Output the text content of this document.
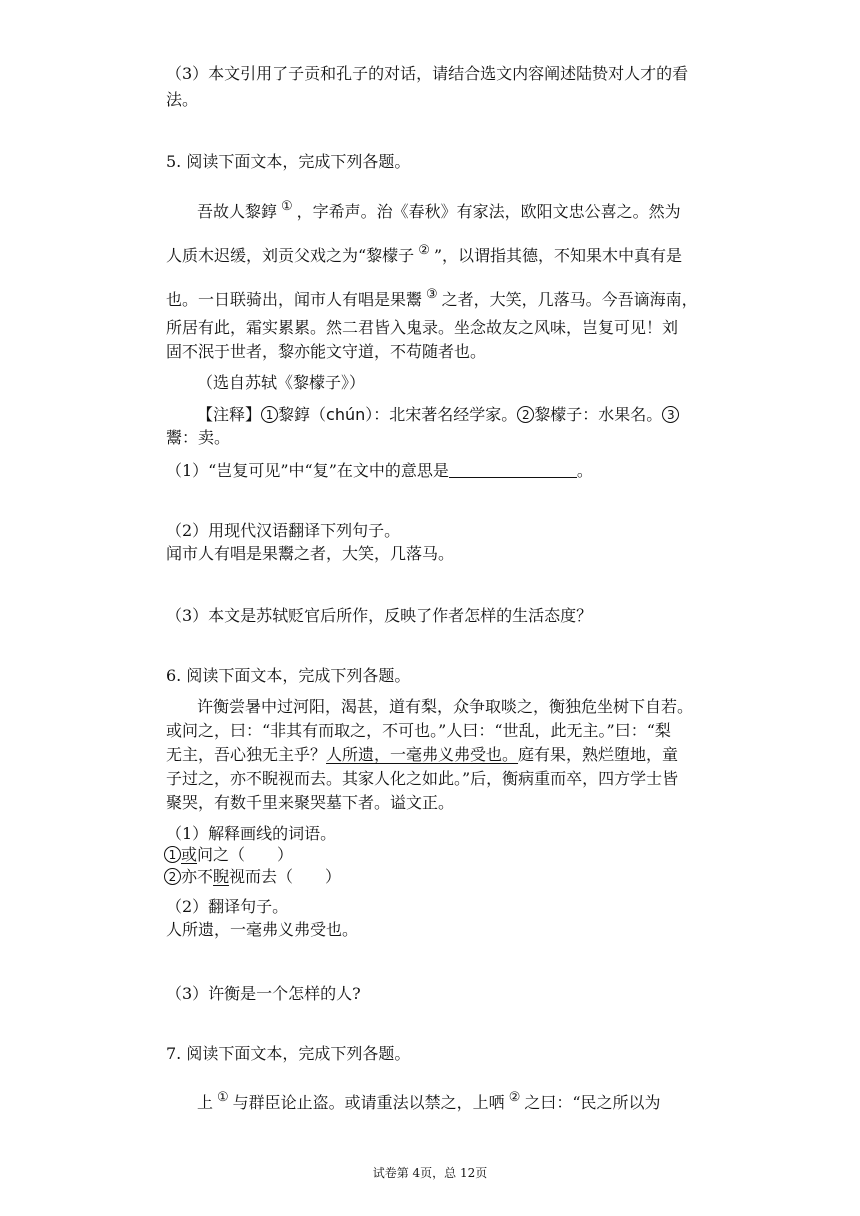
（3）本文引用了子贡和孔子的对话，请结合选文内容阐述陆贽对人才的看
法。
5. 阅读下面文本，完成下列各题。
吾故人黎錞 ① ，字希声。治《春秋》有家法，欧阳文忠公喜之。然为
人质木迟缓，刘贡父戏之为“黎檬子 ② ”，以谓指其德，不知果木中真有是
也。一日联骑出，闻市人有唱是果鬻 ③ 之者，大笑，几落马。今吾谪海南，
所居有此，霜实累累。然二君皆入鬼录。坐念故友之风味，岂复可见！刘
固不泯于世者，黎亦能文守道，不苟随者也。
（选自苏轼《黎檬子》）
【注释】 1 黎錞（chún）：北宋著名经学家。 2 黎檬子：水果名。 3
鬻：卖。
（1）“岂复可见”中“复”在文中的意思是	。
（2）用现代汉语翻译下列句子。
闻市人有唱是果鬻之者，大笑，几落马。
（3）本文是苏轼贬官后所作，反映了作者怎样的生活态度？
6. 阅读下面文本，完成下列各题。
许衡尝暑中过河阳，渴甚，道有梨，众争取啖之，衡独危坐树下自若。
或问之，曰：“非其有而取之，不可也。”人曰：“世乱，此无主。”曰：“梨
无主，吾心独无主乎？人所遗，一毫弗义弗受也。庭有果，熟烂堕地，童
子过之，亦不睨视而去。其家人化之如此。”后，衡病重而卒，四方学士皆
聚哭，有数千里来聚哭墓下者。谥文正。
（1）解释画线的词语。
1 或问之（　　）
2 亦不睨视而去（　　）
（2）翻译句子。
人所遗，一毫弗义弗受也。
（3）许衡是一个怎样的人?
7. 阅读下面文本，完成下列各题。
上 ① 与群臣论止盗。或请重法以禁之，上哂 ② 之曰：“民之所以为
试卷第 4页，总 12页
